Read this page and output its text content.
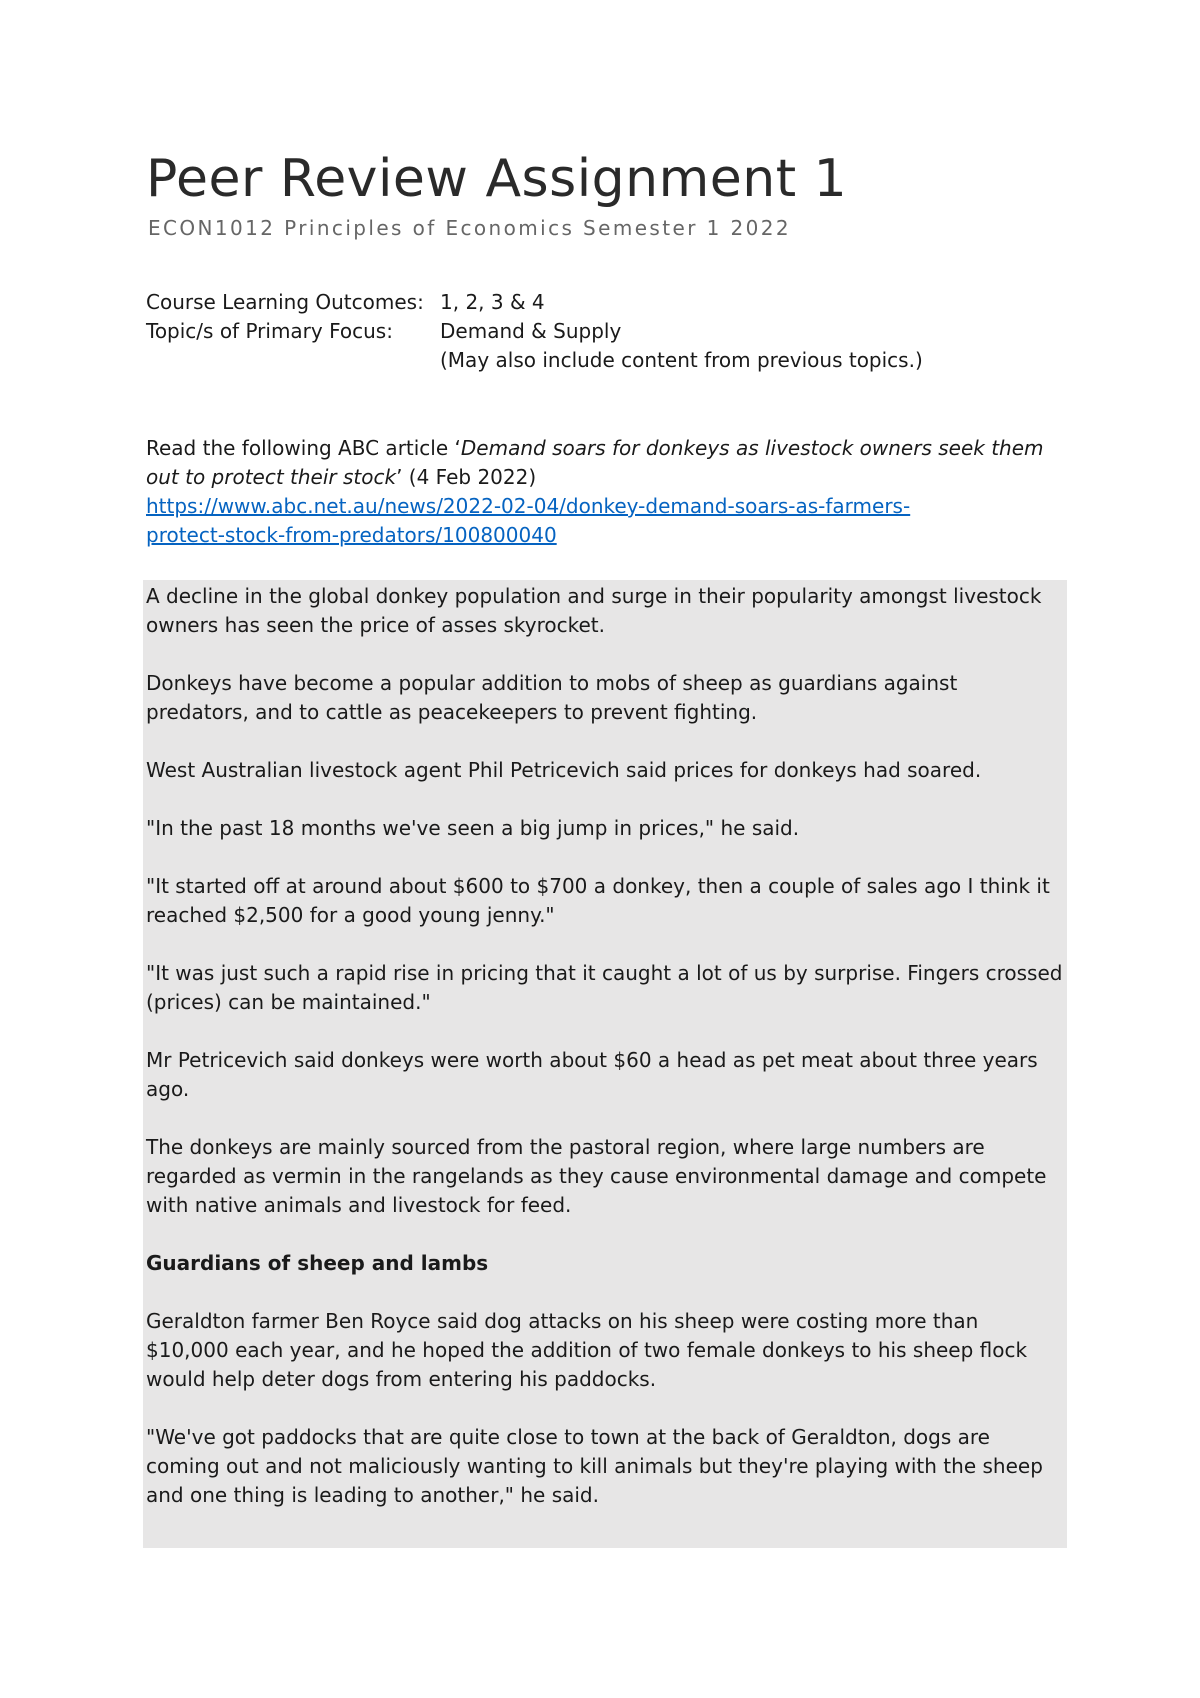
Peer Review Assignment 1
ECON1012 Principles of Economics Semester 1 2022
Course Learning Outcomes: 1, 2, 3 & 4
Topic/s of Primary Focus:	Demand & Supply
(May also include content from previous topics.)
Read the following ABC article ‘Demand soars for donkeys as livestock owners seek them out to protect their stock’ (4 Feb 2022)
https://www.abc.net.au/news/2022-02-04/donkey-demand-soars-as-farmers-
protect-stock-from-predators/100800040

A decline in the global donkey population and surge in their popularity amongst livestock owners has seen the price of asses skyrocket.

Donkeys have become a popular addition to mobs of sheep as guardians against predators, and to cattle as peacekeepers to prevent fighting.

West Australian livestock agent Phil Petricevich said prices for donkeys had soared.

"In the past 18 months we've seen a big jump in prices," he said.

"It started off at around about $600 to $700 a donkey, then a couple of sales ago I think it reached $2,500 for a good young jenny."

"It was just such a rapid rise in pricing that it caught a lot of us by surprise. Fingers crossed (prices) can be maintained."

Mr Petricevich said donkeys were worth about $60 a head as pet meat about three years ago.

The donkeys are mainly sourced from the pastoral region, where large numbers are regarded as vermin in the rangelands as they cause environmental damage and compete with native animals and livestock for feed.

Guardians of sheep and lambs

Geraldton farmer Ben Royce said dog attacks on his sheep were costing more than $10,000 each year, and he hoped the addition of two female donkeys to his sheep flock would help deter dogs from entering his paddocks.

"We've got paddocks that are quite close to town at the back of Geraldton, dogs are coming out and not maliciously wanting to kill animals but they're playing with the sheep and one thing is leading to another," he said.
